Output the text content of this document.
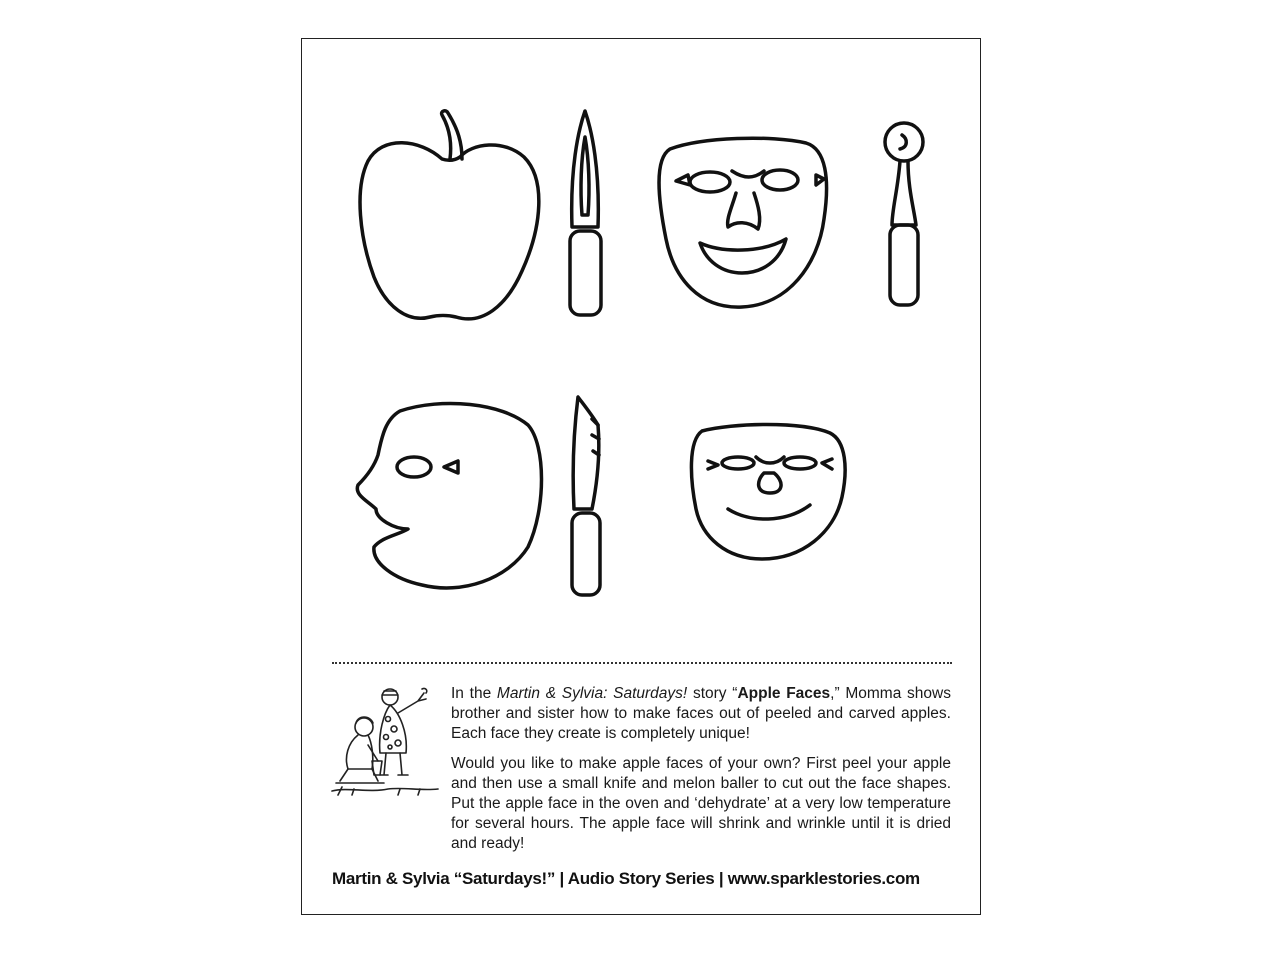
In the Martin & Sylvia: Saturdays! story “Apple Faces,” Momma shows brother and sister how to make faces out of peeled and carved apples. Each face they create is completely unique!

Would you like to make apple faces of your own? First peel your apple and then use a small knife and melon baller to cut out the face shapes. Put the apple face in the oven and ‘dehydrate’ at a very low temperature for several hours. The apple face will shrink and wrinkle until it is dried and ready!

Martin & Sylvia “Saturdays!” | Audio Story Series | www.sparklestories.com
